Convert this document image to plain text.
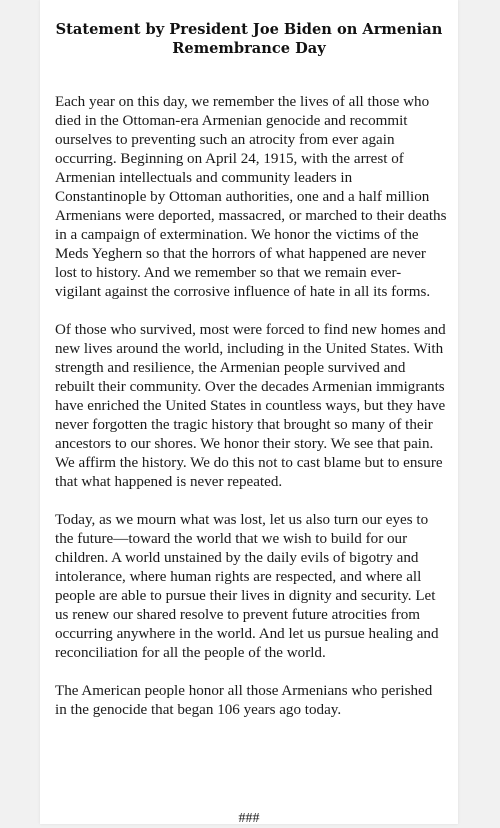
Statement by President Joe Biden on Armenian
Remembrance Day

Each year on this day, we remember the lives of all those who died in the Ottoman-era Armenian genocide and recommit ourselves to preventing such an atrocity from ever again occurring. Beginning on April 24, 1915, with the arrest of Armenian intellectuals and community leaders in Constantinople by Ottoman authorities, one and a half million Armenians were deported, massacred, or marched to their deaths in a campaign of extermination. We honor the victims of the Meds Yeghern so that the horrors of what happened are never lost to history. And we remember so that we remain ever-vigilant against the corrosive influence of hate in all its forms.

Of those who survived, most were forced to find new homes and new lives around the world, including in the United States. With strength and resilience, the Armenian people survived and rebuilt their community. Over the decades Armenian immigrants have enriched the United States in countless ways, but they have never forgotten the tragic history that brought so many of their ancestors to our shores. We honor their story. We see that pain. We affirm the history. We do this not to cast blame but to ensure that what happened is never repeated.

Today, as we mourn what was lost, let us also turn our eyes to the future—toward the world that we wish to build for our children. A world unstained by the daily evils of bigotry and intolerance, where human rights are respected, and where all people are able to pursue their lives in dignity and security. Let us renew our shared resolve to prevent future atrocities from occurring anywhere in the world. And let us pursue healing and reconciliation for all the people of the world.

The American people honor all those Armenians who perished in the genocide that began 106 years ago today.

###
